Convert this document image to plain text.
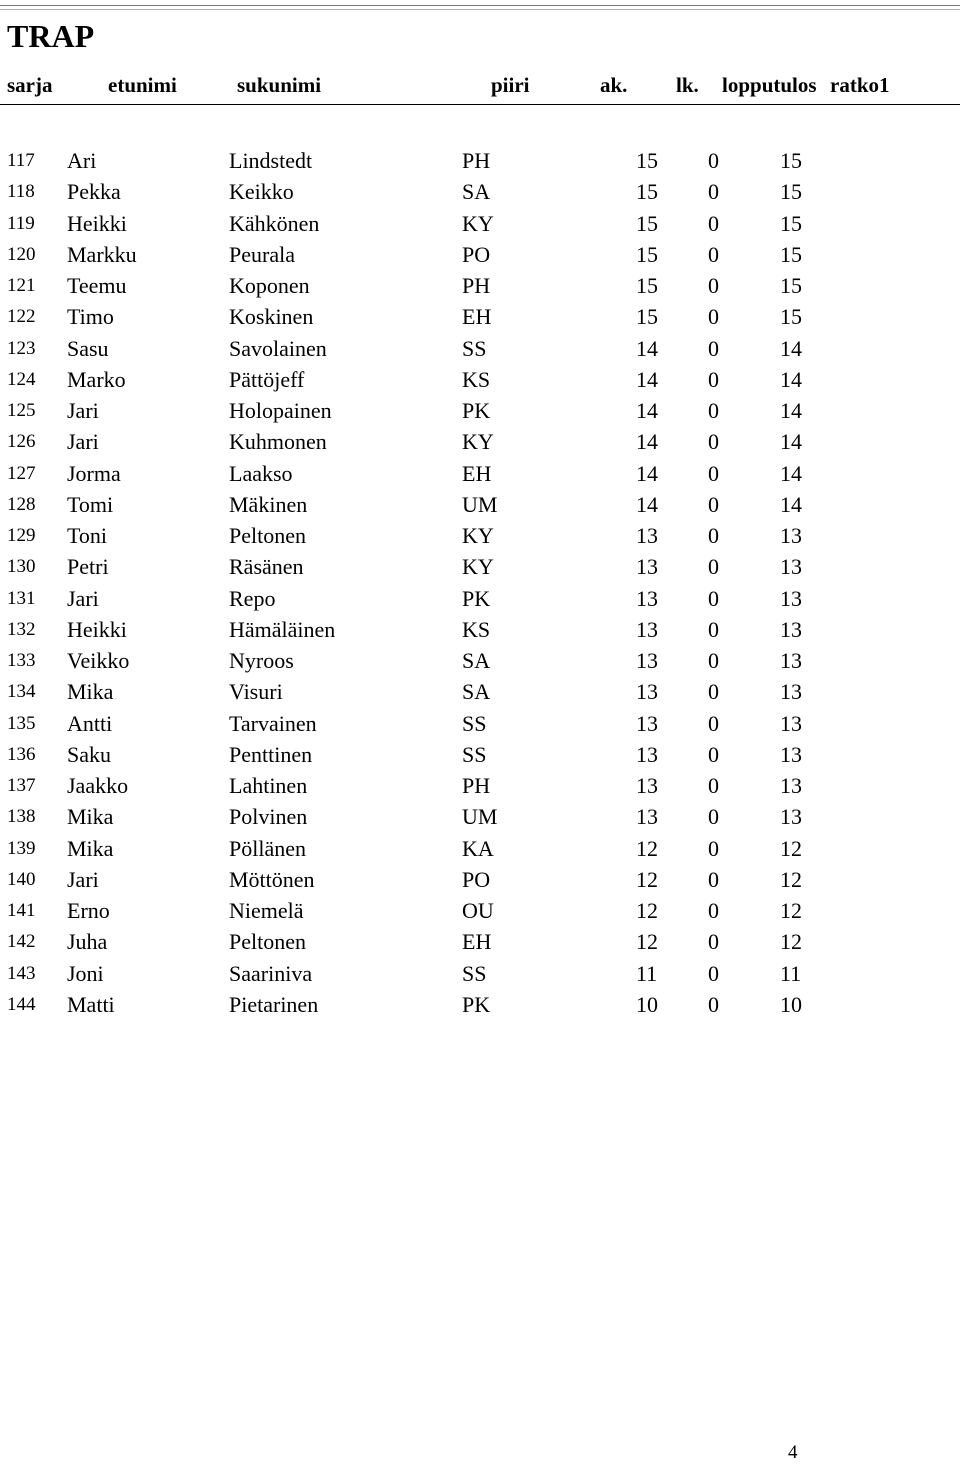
TRAP
sarja	etunimi	sukunimi	piiri	ak. lk. lopputulos ratko1
117 Ari	Lindstedt	PH	15 0	15
118 Pekka	Keikko	SA	15 0	15
119 Heikki	Kähkönen	KY	15 0	15
120 Markku	Peurala	PO	15 0	15
121 Teemu	Koponen	PH	15 0	15
122 Timo	Koskinen	EH	15 0	15
123 Sasu	Savolainen	SS	14 0	14
124 Marko	Pättöjeff	KS	14 0	14
125 Jari	Holopainen	PK	14 0	14
126 Jari	Kuhmonen	KY	14 0	14
127 Jorma	Laakso	EH	14 0	14
128 Tomi	Mäkinen	UM	14 0	14
129 Toni	Peltonen	KY	13 0	13
130 Petri	Räsänen	KY	13 0	13
131 Jari	Repo	PK	13 0	13
132 Heikki	Hämäläinen	KS	13 0	13
133 Veikko	Nyroos	SA	13 0	13
134 Mika	Visuri	SA	13 0	13
135 Antti	Tarvainen	SS	13 0	13
136 Saku	Penttinen	SS	13 0	13
137 Jaakko	Lahtinen	PH	13 0	13
138 Mika	Polvinen	UM	13 0	13
139 Mika	Pöllänen	KA	12 0	12
140 Jari	Möttönen	PO	12 0	12
141 Erno	Niemelä	OU	12 0	12
142 Juha	Peltonen	EH	12 0	12
143 Joni	Saariniva	SS	11 0	11
144 Matti	Pietarinen	PK	10 0	10
4
